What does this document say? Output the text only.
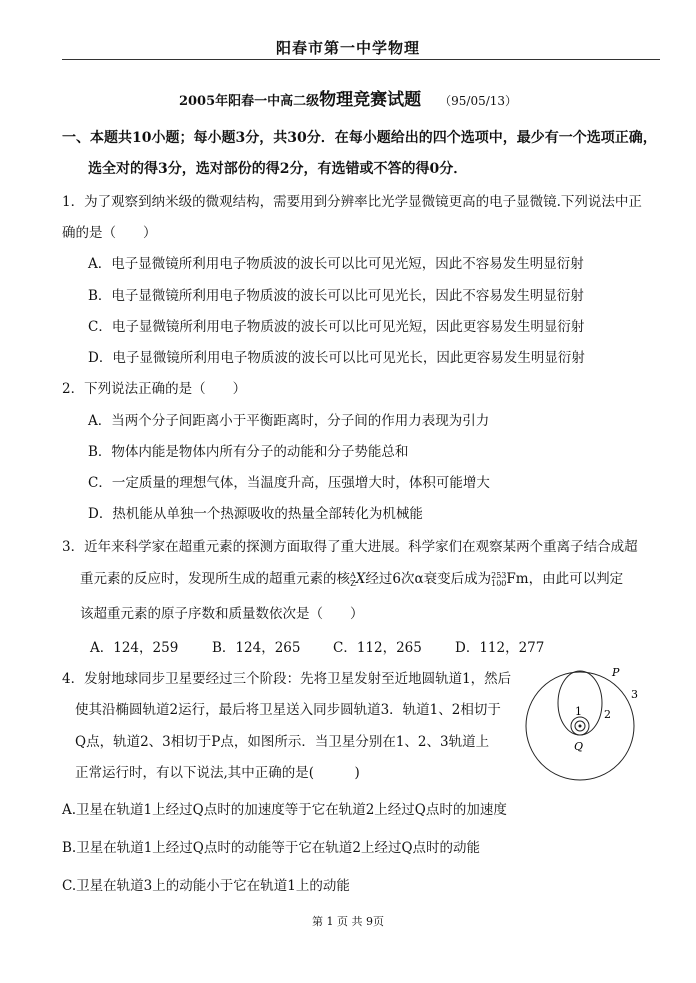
阳春市第一中学物理
2005年阳春一中高二级物理竞赛试题 （95/05/13）
一、本题共10小题；每小题3分，共30分．在每小题给出的四个选项中，最少有一个选项正确，
选全对的得3分，选对部份的得2分，有选错或不答的得0分．
1．为了观察到纳米级的微观结构，需要用到分辨率比光学显微镜更高的电子显微镜.下列说法中正
确的是（　　）
A．电子显微镜所利用电子物质波的波长可以比可见光短，因此不容易发生明显衍射
B．电子显微镜所利用电子物质波的波长可以比可见光长，因此不容易发生明显衍射
C．电子显微镜所利用电子物质波的波长可以比可见光短，因此更容易发生明显衍射
D．电子显微镜所利用电子物质波的波长可以比可见光长，因此更容易发生明显衍射
2．下列说法正确的是（　　）
A．当两个分子间距离小于平衡距离时，分子间的作用力表现为引力
B．物体内能是物体内所有分子的动能和分子势能总和
C．一定质量的理想气体，当温度升高，压强增大时，体积可能增大
D．热机能从单独一个热源吸收的热量全部转化为机械能
3．近年来科学家在超重元素的探测方面取得了重大进展。科学家们在观察某两个重离子结合成超
重元素的反应时，发现所生成的超重元素的核 A
Z X经过6次α衰变后成为 253
100 Fm，由此可以判定
该超重元素的原子序数和质量数依次是（　　）
A．124，259 B．124，265 C．112，265 D．112，277
4．发射地球同步卫星要经过三个阶段：先将卫星发射至近地圆轨道1，然后
使其沿椭圆轨道2运行，最后将卫星送入同步圆轨道3．轨道1、2相切于
Q点，轨道2、3相切于P点，如图所示．当卫星分别在1、2、3轨道上
正常运行时，有以下说法,其中正确的是(　　　)
A.卫星在轨道1上经过Q点时的加速度等于它在轨道2上经过Q点时的加速度
B.卫星在轨道1上经过Q点时的动能等于它在轨道2上经过Q点时的动能
C.卫星在轨道3上的动能小于它在轨道1上的动能
P
3
2
1
Q
第 1 页 共 9页
